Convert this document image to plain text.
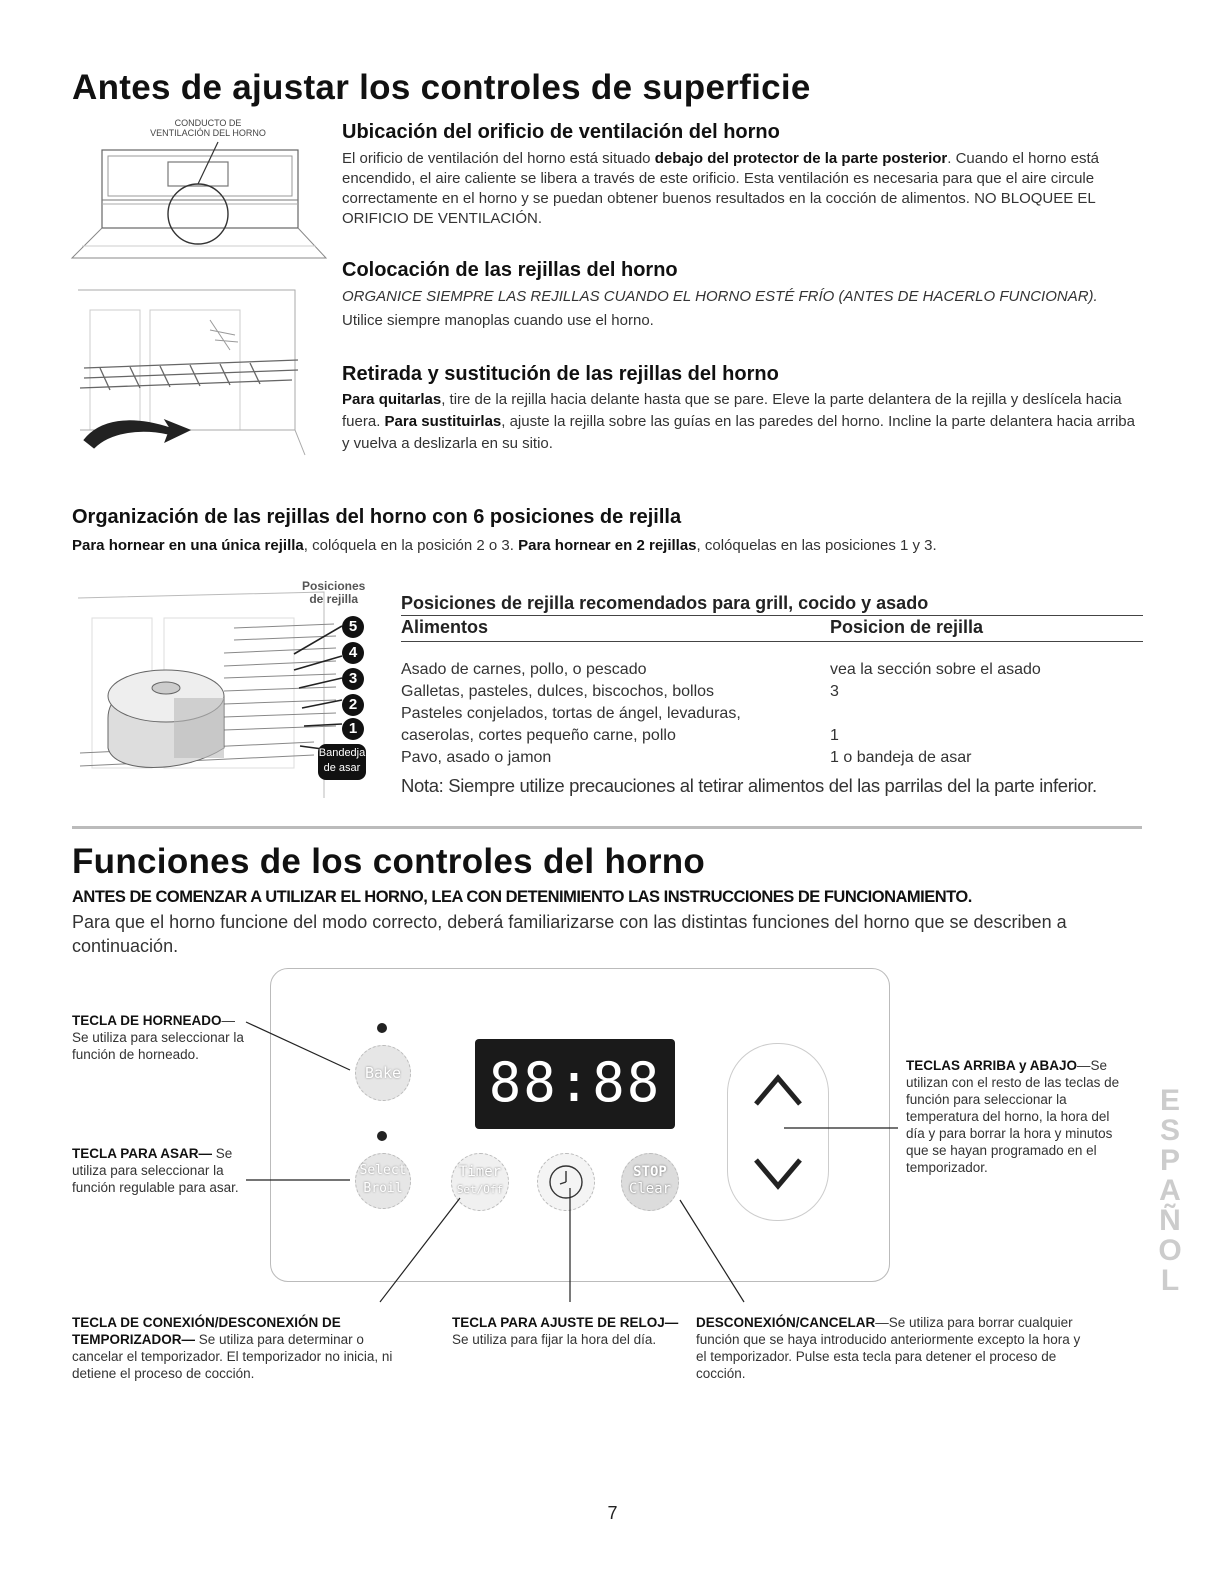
Antes de ajustar los controles de superficie
CONDUCTO DE
VENTILACIÓN DEL HORNO	Ubicación del orificio de ventilación del horno

El orificio de ventilación del horno está situado debajo del protector de la parte posterior. Cuando el horno está encendido, el aire caliente se libera a través de este orificio. Esta ventilación es necesaria para que el aire circule correctamente en el horno y se puedan obtener buenos resultados en la cocción de alimentos. NO BLOQUEE EL ORIFICIO DE VENTILACIÓN.

Colocación de las rejillas del horno

ORGANICE SIEMPRE LAS REJILLAS CUANDO EL HORNO ESTÉ FRÍO (ANTES DE HACERLO FUNCIONAR). Utilice siempre manoplas cuando use el horno.

Retirada y sustitución de las rejillas del horno

Para quitarlas, tire de la rejilla hacia delante hasta que se pare. Eleve la parte delantera de la rejilla y deslícela hacia fuera. Para sustituirlas, ajuste la rejilla sobre las guías en las paredes del horno. Incline la parte delantera hacia arriba y vuelva a deslizarla en su sitio.

Organización de las rejillas del horno con 6 posiciones de rejilla

Para hornear en una única rejilla, colóquela en la posición 2 o 3. Para hornear en 2 rejillas, colóquelas en las posiciones 1 y 3.

Posiciones
de rejilla
5
4
3
2
1
Bandedja
de asar
Posiciones de rejilla recomendados para grill, cocido y asado
Alimentos	Posicion de rejilla
Asado de carnes, pollo, o pescado	vea la sección sobre el asado
Galletas, pasteles, dulces, biscochos, bollos	3
Pasteles conjelados, tortas de ángel, levaduras,
caserolas, cortes pequeño carne, pollo	1
Pavo, asado o jamon	1 o bandeja de asar
Nota: Siempre utilize precauciones al tetirar alimentos del las parrilas del la parte inferior.
Funciones de los controles del horno
ANTES DE COMENZAR A UTILIZAR EL HORNO, LEA CON DETENIMIENTO LAS INSTRUCCIONES DE FUNCIONAMIENTO.

Para que el horno funcione del modo correcto, deberá familiarizarse con las distintas funciones del horno que se describen a continuación.

Bake
Select
Broil
88:88
Timer
Set/Off
STOP
Clear
TECLA DE HORNEADO—Se utiliza para seleccionar la función de horneado.
TECLA PARA ASAR— Se utiliza para seleccionar la función regulable para asar.
TECLAS ARRIBA y ABAJO—Se utilizan con el resto de las teclas de función para seleccionar la temperatura del horno, la hora del día y para borrar la hora y minutos que se hayan programado en el temporizador.
TECLA DE CONEXIÓN/DESCONEXIÓN DE TEMPORIZADOR— Se utiliza para determinar o cancelar el temporizador. El temporizador no inicia, ni detiene el proceso de cocción.
TECLA PARA AJUSTE DE RELOJ— Se utiliza para fijar la hora del día.
DESCONEXIÓN/CANCELAR—Se utiliza para borrar cualquier función que se haya introducido anteriormente excepto la hora y el temporizador. Pulse esta tecla para detener el proceso de cocción.
E
S
P
A
Ñ
O
L
7
